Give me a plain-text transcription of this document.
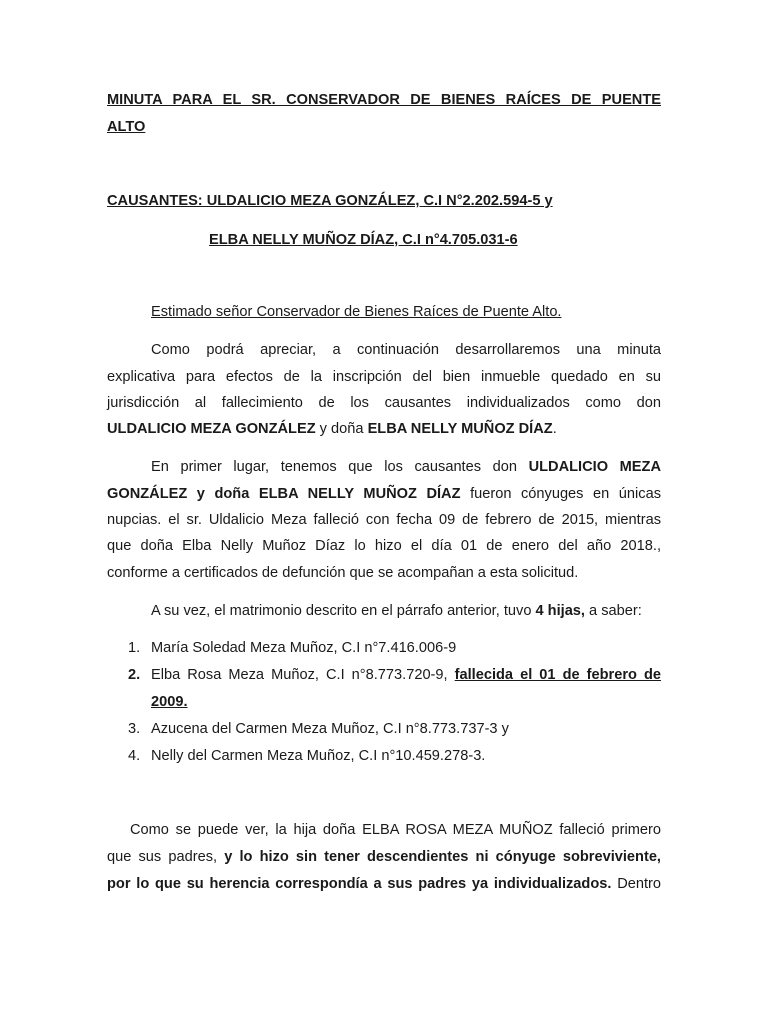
MINUTA PARA EL SR. CONSERVADOR DE BIENES RAÍCES DE PUENTE
ALTO
CAUSANTES: ULDALICIO MEZA GONZÁLEZ, C.I N°2.202.594-5 y
ELBA NELLY MUÑOZ DÍAZ, C.I n°4.705.031-6
Estimado señor Conservador de Bienes Raíces de Puente Alto.
Como podrá apreciar, a continuación desarrollaremos una minuta
explicativa para efectos de la inscripción del bien inmueble quedado en su
jurisdicción al fallecimiento de los causantes individualizados como don
ULDALICIO MEZA GONZÁLEZ y doña ELBA NELLY MUÑOZ DÍAZ.
En primer lugar, tenemos que los causantes don ULDALICIO MEZA
GONZÁLEZ y doña ELBA NELLY MUÑOZ DÍAZ fueron cónyuges en únicas
nupcias. el sr. Uldalicio Meza falleció con fecha 09 de febrero de 2015, mientras
que doña Elba Nelly Muñoz Díaz lo hizo el día 01 de enero del año 2018.,
conforme a certificados de defunción que se acompañan a esta solicitud.
A su vez, el matrimonio descrito en el párrafo anterior, tuvo 4 hijas, a saber:
1. María Soledad Meza Muñoz, C.I n°7.416.006-9
2. Elba Rosa Meza Muñoz, C.I n°8.773.720-9, fallecida el 01 de febrero de
2009.
3. Azucena del Carmen Meza Muñoz, C.I n°8.773.737-3 y
4. Nelly del Carmen Meza Muñoz, C.I n°10.459.278-3.
Como se puede ver, la hija doña ELBA ROSA MEZA MUÑOZ falleció primero
que sus padres, y lo hizo sin tener descendientes ni cónyuge sobreviviente,
por lo que su herencia correspondía a sus padres ya individualizados. Dentro
